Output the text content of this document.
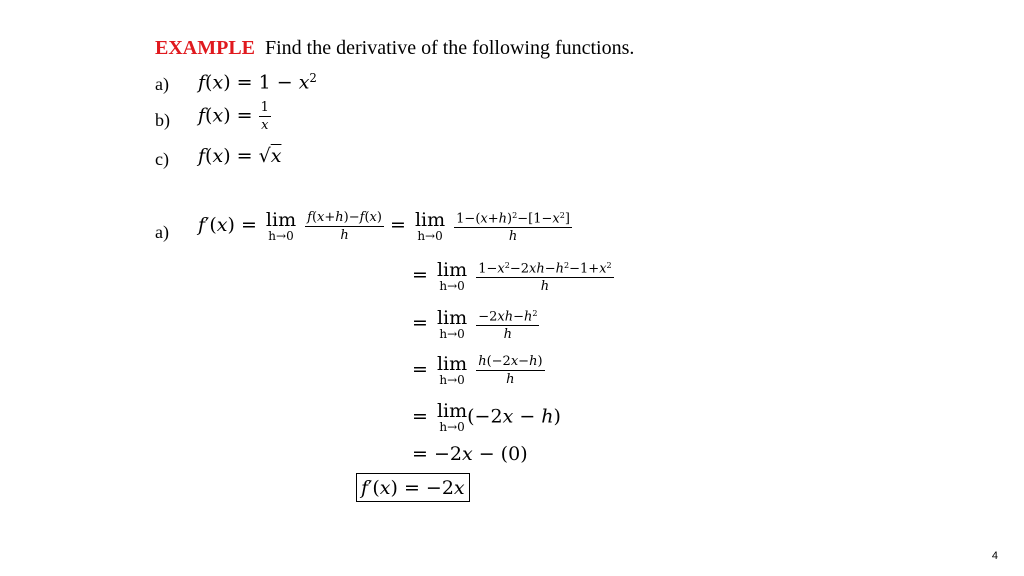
EXAMPLE Find the derivative of the following functions.
a) $f(x) = 1 - x^2$
b) $f(x) = \frac{1}{x}$
c) f(x) = √x
a) f′(x) = lim
h→0
$\frac{f(x+h)-f(x)}{h} = \lim$
h→0
$\frac{1-(x+h)^2-[1-x^2]}{h}$
= lim
h→0
$\frac{1-x^2-2xh-h^2-1+x^2}{h}$
= lim
h→0
$\frac{-2xh-h^2}{h}$
= lim
h→0
$\frac{h(-2x-h)}{h}$
= lim
h→0 (−2x − h)
= −2x − (0)
f′(x) = −2x
4
